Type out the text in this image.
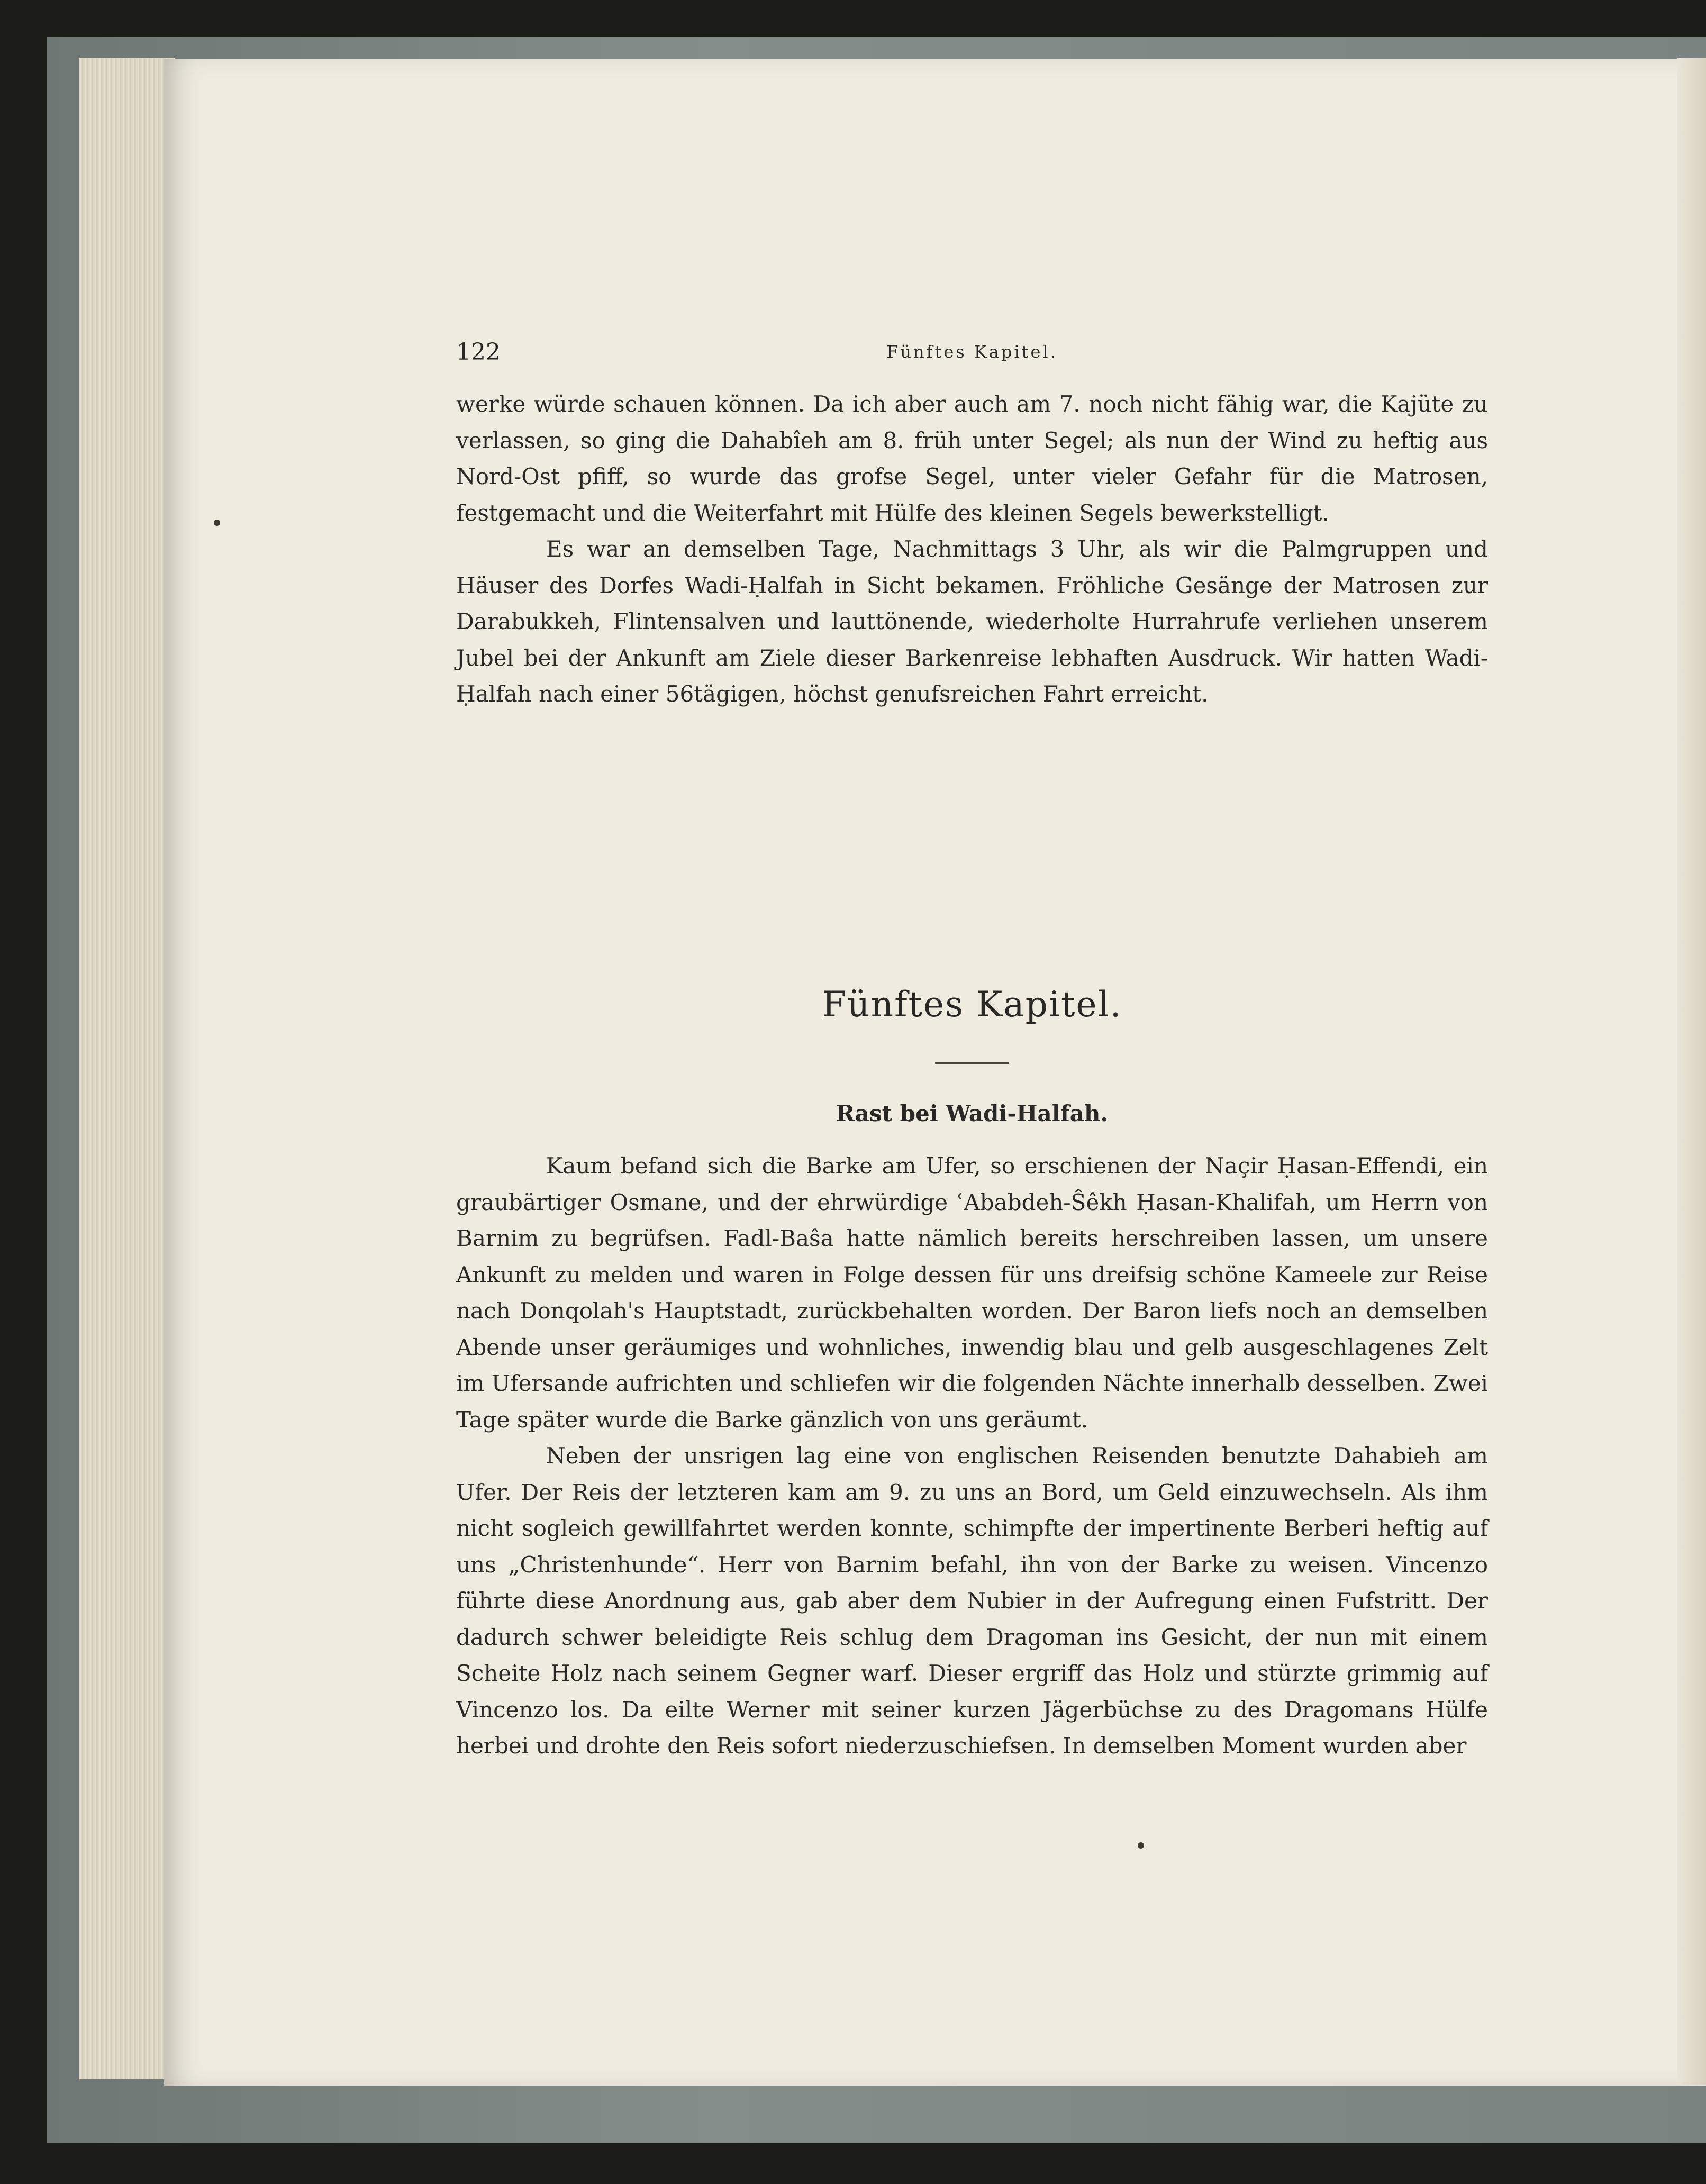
122	Fünftes Kapitel.

werke würde schauen können. Da ich aber auch am 7. noch nicht fähig war, die Kajüte zu verlassen, so ging die Dahabîeh am 8. früh unter Segel; als nun der Wind zu heftig aus Nord-Ost pfiff, so wurde das grofse Segel, unter vieler Gefahr für die Matrosen, festgemacht und die Weiterfahrt mit Hülfe des kleinen Segels bewerkstelligt.

Es war an demselben Tage, Nachmittags 3 Uhr, als wir die Palmgruppen und Häuser des Dorfes Wadi-Ḥalfah in Sicht bekamen. Fröhliche Gesänge der Matrosen zur Darabukkeh, Flintensalven und lauttönende, wiederholte Hurrahrufe verliehen unserem Jubel bei der Ankunft am Ziele dieser Barkenreise lebhaften Ausdruck. Wir hatten Wadi-Ḥalfah nach einer 56tägigen, höchst genufsreichen Fahrt erreicht.

Fünftes Kapitel.
Rast bei Wadi-Halfah.

Kaum befand sich die Barke am Ufer, so erschienen der Naçir Ḥasan-Effendi, ein graubärtiger Osmane, und der ehrwürdige ʿAbabdeh-Ŝêkh Ḥasan-Khalifah, um Herrn von Barnim zu begrüfsen. Fadl-Baŝa hatte nämlich bereits herschreiben lassen, um unsere Ankunft zu melden und waren in Folge dessen für uns dreifsig schöne Kameele zur Reise nach Donqolah's Hauptstadt, zurückbehalten worden. Der Baron liefs noch an demselben Abende unser geräumiges und wohnliches, inwendig blau und gelb ausgeschlagenes Zelt im Ufersande aufrichten und schliefen wir die folgenden Nächte innerhalb desselben. Zwei Tage später wurde die Barke gänzlich von uns geräumt.

Neben der unsrigen lag eine von englischen Reisenden benutzte Dahabieh am Ufer. Der Reis der letzteren kam am 9. zu uns an Bord, um Geld einzuwechseln. Als ihm nicht sogleich gewillfahrtet werden konnte, schimpfte der impertinente Berberi heftig auf uns „Christenhunde“. Herr von Barnim befahl, ihn von der Barke zu weisen. Vincenzo führte diese Anordnung aus, gab aber dem Nubier in der Aufregung einen Fufstritt. Der dadurch schwer beleidigte Reis schlug dem Dragoman ins Gesicht, der nun mit einem Scheite Holz nach seinem Gegner warf. Dieser ergriff das Holz und stürzte grimmig auf Vincenzo los. Da eilte Werner mit seiner kurzen Jägerbüchse zu des Dragomans Hülfe herbei und drohte den Reis sofort niederzuschiefsen. In demselben Moment wurden aber
